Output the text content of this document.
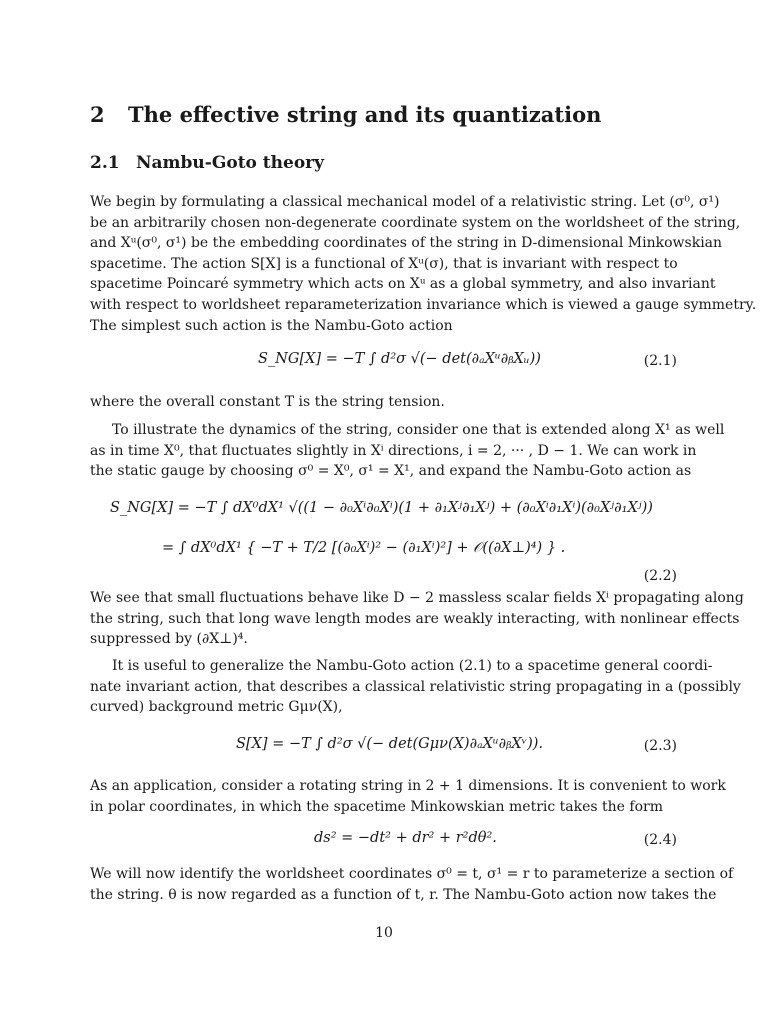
2 The effective string and its quantization
2.1 Nambu-Goto theory
We begin by formulating a classical mechanical model of a relativistic string. Let (σ⁰, σ¹)
be an arbitrarily chosen non-degenerate coordinate system on the worldsheet of the string,
and Xᵘ(σ⁰, σ¹) be the embedding coordinates of the string in D-dimensional Minkowskian
spacetime. The action S[X] is a functional of Xᵘ(σ), that is invariant with respect to
spacetime Poincaré symmetry which acts on Xᵘ as a global symmetry, and also invariant
with respect to worldsheet reparameterization invariance which is viewed a gauge symmetry.
The simplest such action is the Nambu-Goto action
S_NG[X] = −T ∫ d²σ √(− det(∂ₐXᵘ∂ᵦXᵤ))	(2.1)
where the overall constant T is the string tension.
To illustrate the dynamics of the string, consider one that is extended along X¹ as well
as in time X⁰, that fluctuates slightly in Xⁱ directions, i = 2, ··· , D − 1. We can work in
the static gauge by choosing σ⁰ = X⁰, σ¹ = X¹, and expand the Nambu-Goto action as
S_NG[X] = −T ∫ dX⁰dX¹ √((1 − ∂₀Xⁱ∂₀Xⁱ)(1 + ∂₁Xʲ∂₁Xʲ) + (∂₀Xⁱ∂₁Xⁱ)(∂₀Xʲ∂₁Xʲ))
= ∫ dX⁰dX¹ { −T + T/2 [(∂₀Xⁱ)² − (∂₁Xⁱ)²] + 𝒪((∂X⊥)⁴) } .
(2.2)
We see that small fluctuations behave like D − 2 massless scalar fields Xⁱ propagating along
the string, such that long wave length modes are weakly interacting, with nonlinear effects
suppressed by (∂X⊥)⁴.
It is useful to generalize the Nambu-Goto action (2.1) to a spacetime general coordi-
nate invariant action, that describes a classical relativistic string propagating in a (possibly
curved) background metric Gμν(X),
S[X] = −T ∫ d²σ √(− det(Gμν(X)∂ₐXᵘ∂ᵦXᵛ)).	(2.3)
As an application, consider a rotating string in 2 + 1 dimensions. It is convenient to work
in polar coordinates, in which the spacetime Minkowskian metric takes the form
ds² = −dt² + dr² + r²dθ².	(2.4)
We will now identify the worldsheet coordinates σ⁰ = t, σ¹ = r to parameterize a section of
the string. θ is now regarded as a function of t, r. The Nambu-Goto action now takes the
10
